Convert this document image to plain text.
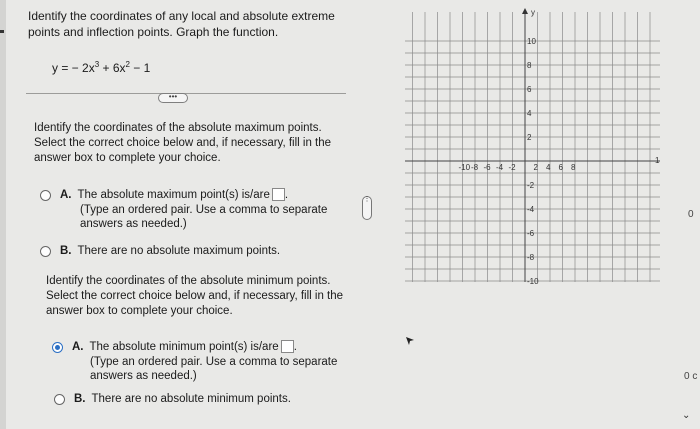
Identify the coordinates of any local and absolute extreme
points and inflection points. Graph the function.
y = − $2x^3 + 6x^2 - 1$
•••
Identify the coordinates of the absolute maximum points.
Select the correct choice below and, if necessary, fill in the
answer box to complete your choice.
A. The absolute maximum point(s) is/are .
(Type an ordered pair. Use a comma to separate
answers as needed.)
B. There are no absolute maximum points.
Identify the coordinates of the absolute minimum points.
Select the correct choice below and, if necessary, fill in the
answer box to complete your choice.
A. The absolute minimum point(s) is/are .
(Type an ordered pair. Use a comma to separate
answers as needed.)
B. There are no absolute minimum points.
⋮
y
10
8
6
4
2
-2
-4
-6
-8
-10
-10 -8 -6 -4 -2 2 4 6 8
1
0
0 c
⌄
